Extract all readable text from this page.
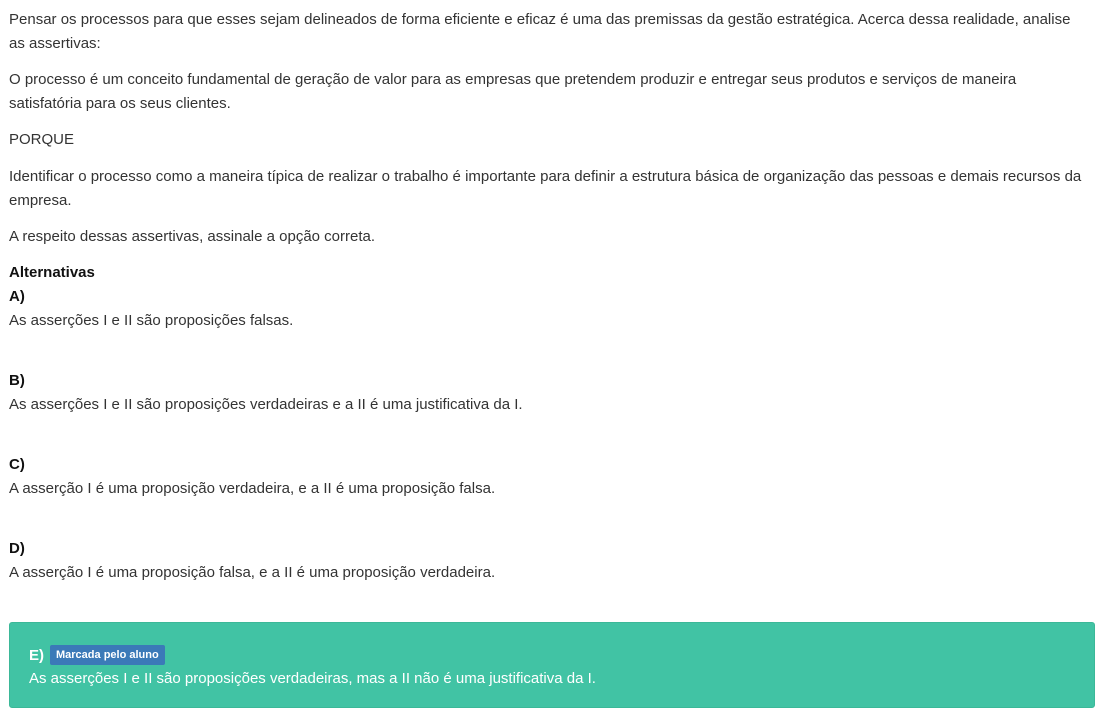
Pensar os processos para que esses sejam delineados de forma eficiente e eficaz é uma das premissas da gestão estratégica. Acerca dessa realidade, analise as assertivas:

O processo é um conceito fundamental de geração de valor para as empresas que pretendem produzir e entregar seus produtos e serviços de maneira satisfatória para os seus clientes.

PORQUE

Identificar o processo como a maneira típica de realizar o trabalho é importante para definir a estrutura básica de organização das pessoas e demais recursos da empresa.

A respeito dessas assertivas, assinale a opção correta.

Alternativas
A)
As asserções I e II são proposições falsas.
B)
As asserções I e II são proposições verdadeiras e a II é uma justificativa da I.
C)
A asserção I é uma proposição verdadeira, e a II é uma proposição falsa.
D)
A asserção I é uma proposição falsa, e a II é uma proposição verdadeira.
E)	Marcada pelo aluno
As asserções I e II são proposições verdadeiras, mas a II não é uma justificativa da I.
